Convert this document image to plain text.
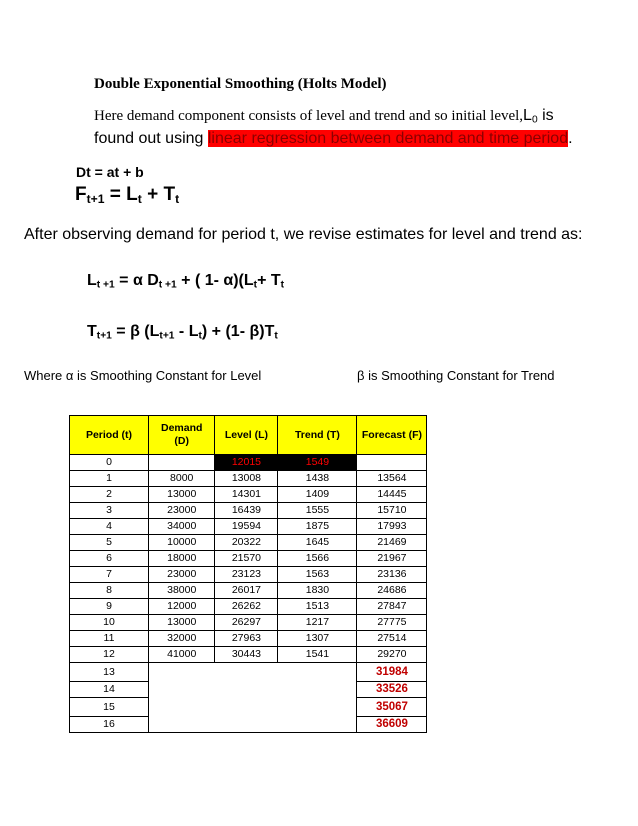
Double Exponential Smoothing (Holts Model)
Here demand component consists of level and trend and so initial $level,L_0$ is
found out using linear regression between demand and time period.
Dt = at + b
$F_{t+1} = L_t + T_t$
After observing demand for period t, we revise estimates for level and trend as:
$L_{t +1} = \alpha$ $D_{t +1}$ + ( 1- $\alpha)(L_t+ T_t$
$T_{t+1} = \beta$ $(L_{t+1} - L_t) + (1-$ $\beta)T_t$
Where α is Smoothing Constant for Level	β is Smoothing Constant for Trend
Period (t)	Demand (D)	Level (L)	Trend (T)	Forecast (F)
0		12015	1549	
1	8000	13008	1438	13564
2	13000	14301	1409	14445
3	23000	16439	1555	15710
4	34000	19594	1875	17993
5	10000	20322	1645	21469
6	18000	21570	1566	21967
7	23000	23123	1563	23136
8	38000	26017	1830	24686
9	12000	26262	1513	27847
10	13000	26297	1217	27775
11	32000	27963	1307	27514
12	41000	30443	1541	29270
13				31984
14				33526
15				35067
16				36609
